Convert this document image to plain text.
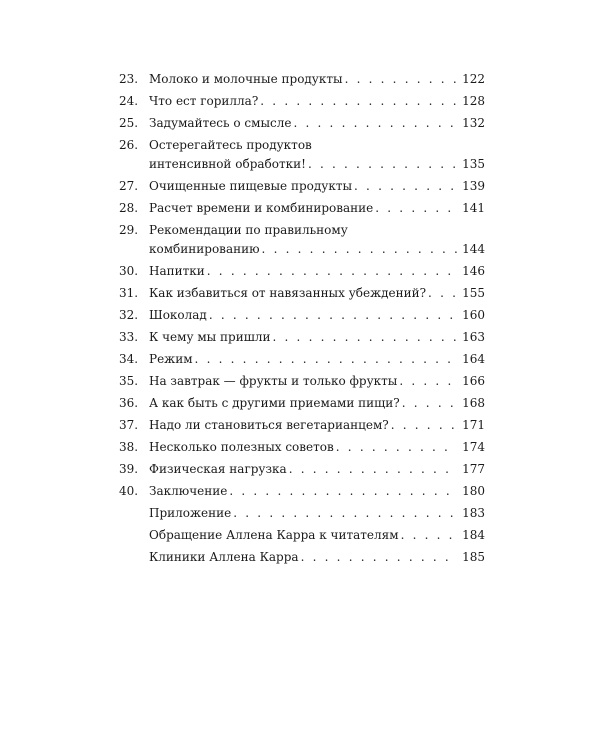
23. Молоко и молочные продукты . . .	122
24. Что ест горилла? . . .	128
25. Задумайтесь о смысле . . .	132
26. Остерегайтесь продуктов
интенсивной обработки! . . .	135
27. Очищенные пищевые продукты . . .	139
28. Расчет времени и комбинирование . . .	141
29. Рекомендации по правильному
комбинированию . . .	144
30. Напитки . . .	146
31. Как избавиться от навязанных убеждений? . . .	155
32. Шоколад . . .	160
33. К чему мы пришли . . .	163
34. Режим . . .	164
35. На завтрак — фрукты и только фрукты . . .	166
36. А как быть с другими приемами пищи? . . .	168
37. Надо ли становиться вегетарианцем? . . .	171
38. Несколько полезных советов . . .	174
39. Физическая нагрузка . . .	177
40. Заключение . . .	180
Приложение . . .	183
Обращение Аллена Карра к читателям . . .	184
Клиники Аллена Карра . . .	185
